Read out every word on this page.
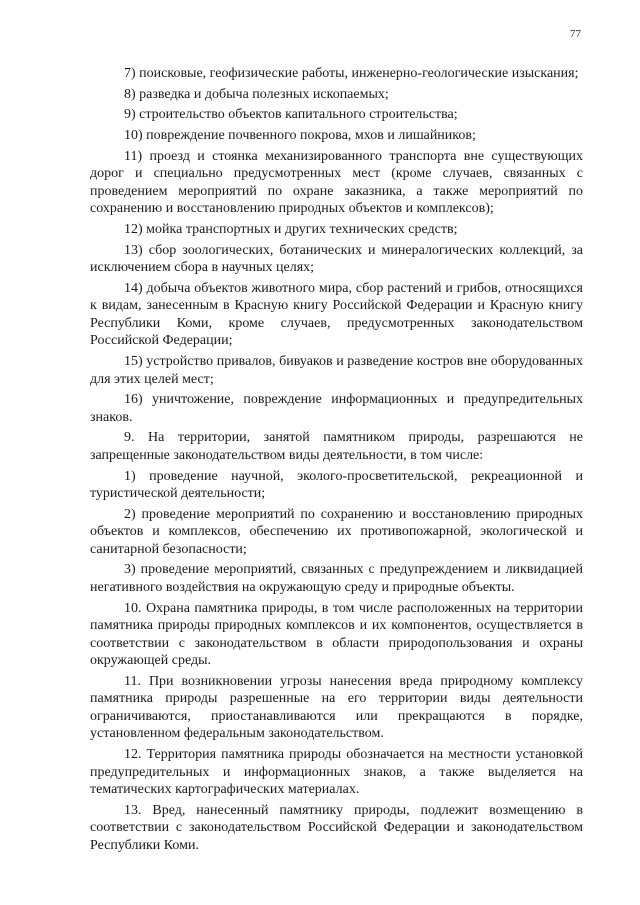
77

7) поисковые, геофизические работы, инженерно-геологические изыскания;

8) разведка и добыча полезных ископаемых;

9) строительство объектов капитального строительства;

10) повреждение почвенного покрова, мхов и лишайников;

11) проезд и стоянка механизированного транспорта вне существующих дорог и специально предусмотренных мест (кроме случаев, связанных с проведением мероприятий по охране заказника, а также мероприятий по сохранению и восстановлению природных объектов и комплексов);

12) мойка транспортных и других технических средств;

13) сбор зоологических, ботанических и минералогических коллекций, за исключением сбора в научных целях;

14) добыча объектов животного мира, сбор растений и грибов, относящихся к видам, занесенным в Красную книгу Российской Федерации и Красную книгу Республики Коми, кроме случаев, предусмотренных законодательством Российской Федерации;

15) устройство привалов, бивуаков и разведение костров вне оборудованных для этих целей мест;

16) уничтожение, повреждение информационных и предупредительных знаков.

9. На территории, занятой памятником природы, разрешаются не запрещенные законодательством виды деятельности, в том числе:

1) проведение научной, эколого-просветительской, рекреационной и туристической деятельности;

2) проведение мероприятий по сохранению и восстановлению природных объектов и комплексов, обеспечению их противопожарной, экологической и санитарной безопасности;

3) проведение мероприятий, связанных с предупреждением и ликвидацией негативного воздействия на окружающую среду и природные объекты.

10. Охрана памятника природы, в том числе расположенных на территории памятника природы природных комплексов и их компонентов, осуществляется в соответствии с законодательством в области природопользования и охраны окружающей среды.

11. При возникновении угрозы нанесения вреда природному комплексу памятника природы разрешенные на его территории виды деятельности ограничиваются, приостанавливаются или прекращаются в порядке, установленном федеральным законодательством.

12. Территория памятника природы обозначается на местности установкой предупредительных и информационных знаков, а также выделяется на тематических картографических материалах.

13. Вред, нанесенный памятнику природы, подлежит возмещению в соответствии с законодательством Российской Федерации и законодательством Республики Коми.
